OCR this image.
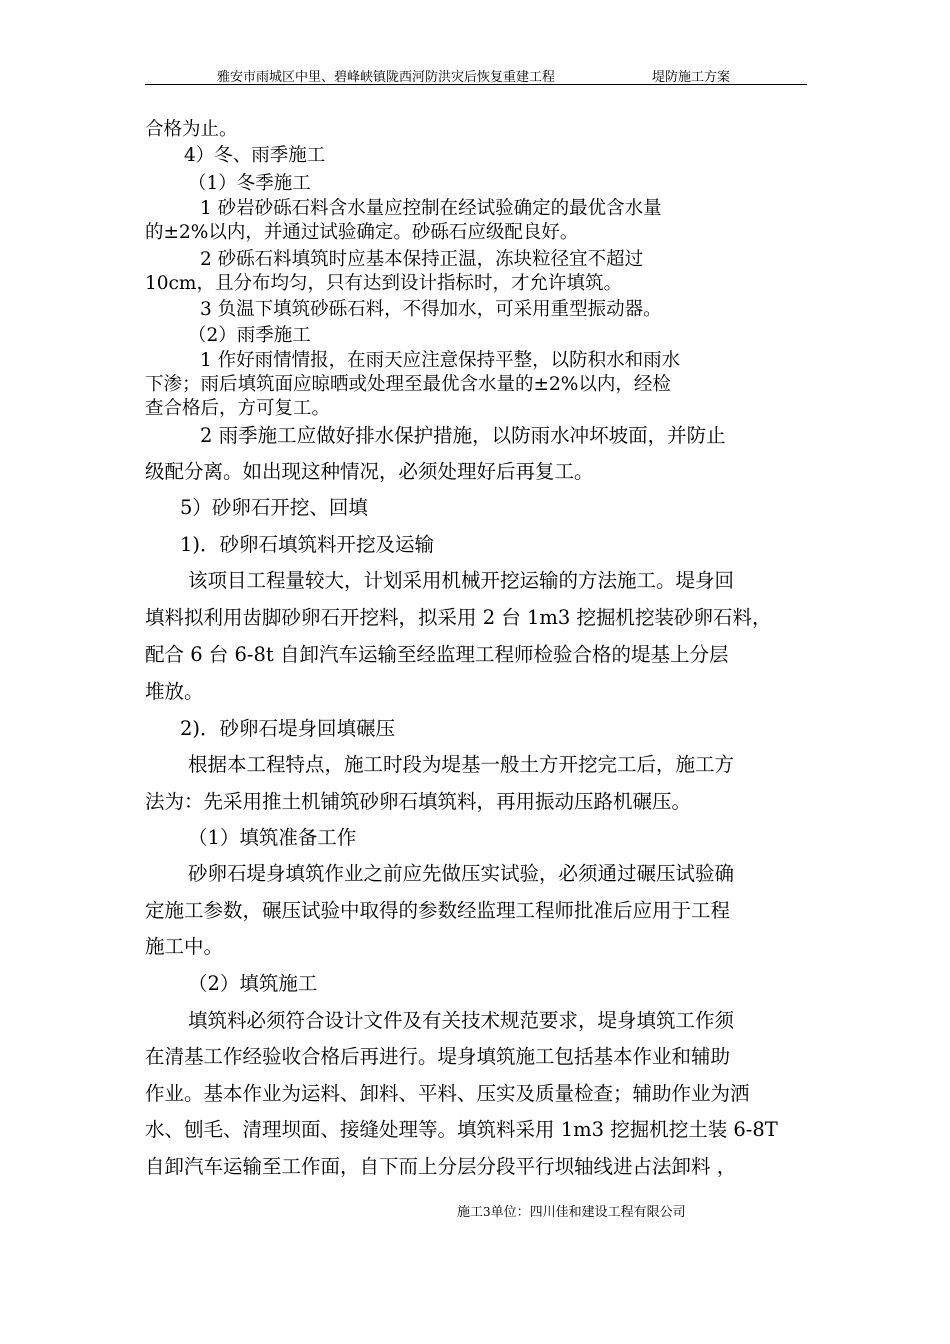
雅安市雨城区中里、碧峰峡镇陇西河防洪灾后恢复重建工程	堤防施工方案
合格为止。
4）冬、雨季施工
（1）冬季施工
1 砂岩砂砾石料含水量应控制在经试验确定的最优含水量
的±2%以内，并通过试验确定。砂砾石应级配良好。
2 砂砾石料填筑时应基本保持正温，冻块粒径宜不超过
10cm，且分布均匀，只有达到设计指标时，才允许填筑。
3 负温下填筑砂砾石料，不得加水，可采用重型振动器。
（2）雨季施工
1 作好雨情情报，在雨天应注意保持平整，以防积水和雨水
下渗；雨后填筑面应晾晒或处理至最优含水量的±2%以内，经检
查合格后，方可复工。
2 雨季施工应做好排水保护措施，以防雨水冲坏坡面，并防止
级配分离。如出现这种情况，必须处理好后再复工。
5）砂卵石开挖、回填
1)．砂卵石填筑料开挖及运输
该项目工程量较大，计划采用机械开挖运输的方法施工。堤身回
填料拟利用齿脚砂卵石开挖料，拟采用 2 台 1m3 挖掘机挖装砂卵石料，
配合 6 台 6-8t 自卸汽车运输至经监理工程师检验合格的堤基上分层
堆放。
2)．砂卵石堤身回填碾压
根据本工程特点，施工时段为堤基一般土方开挖完工后，施工方
法为：先采用推土机铺筑砂卵石填筑料，再用振动压路机碾压。
（1）填筑准备工作
砂卵石堤身填筑作业之前应先做压实试验，必须通过碾压试验确
定施工参数，碾压试验中取得的参数经监理工程师批准后应用于工程
施工中。
（2）填筑施工
填筑料必须符合设计文件及有关技术规范要求，堤身填筑工作须
在清基工作经验收合格后再进行。堤身填筑施工包括基本作业和辅助
作业。基本作业为运料、卸料、平料、压实及质量检查；辅助作业为洒
水、刨毛、清理坝面、接缝处理等。填筑料采用 1m3 挖掘机挖土装 6-8T
自卸汽车运输至工作面，自下而上分层分段平行坝轴线进占法卸料 ，
施工3单位：四川佳和建设工程有限公司
